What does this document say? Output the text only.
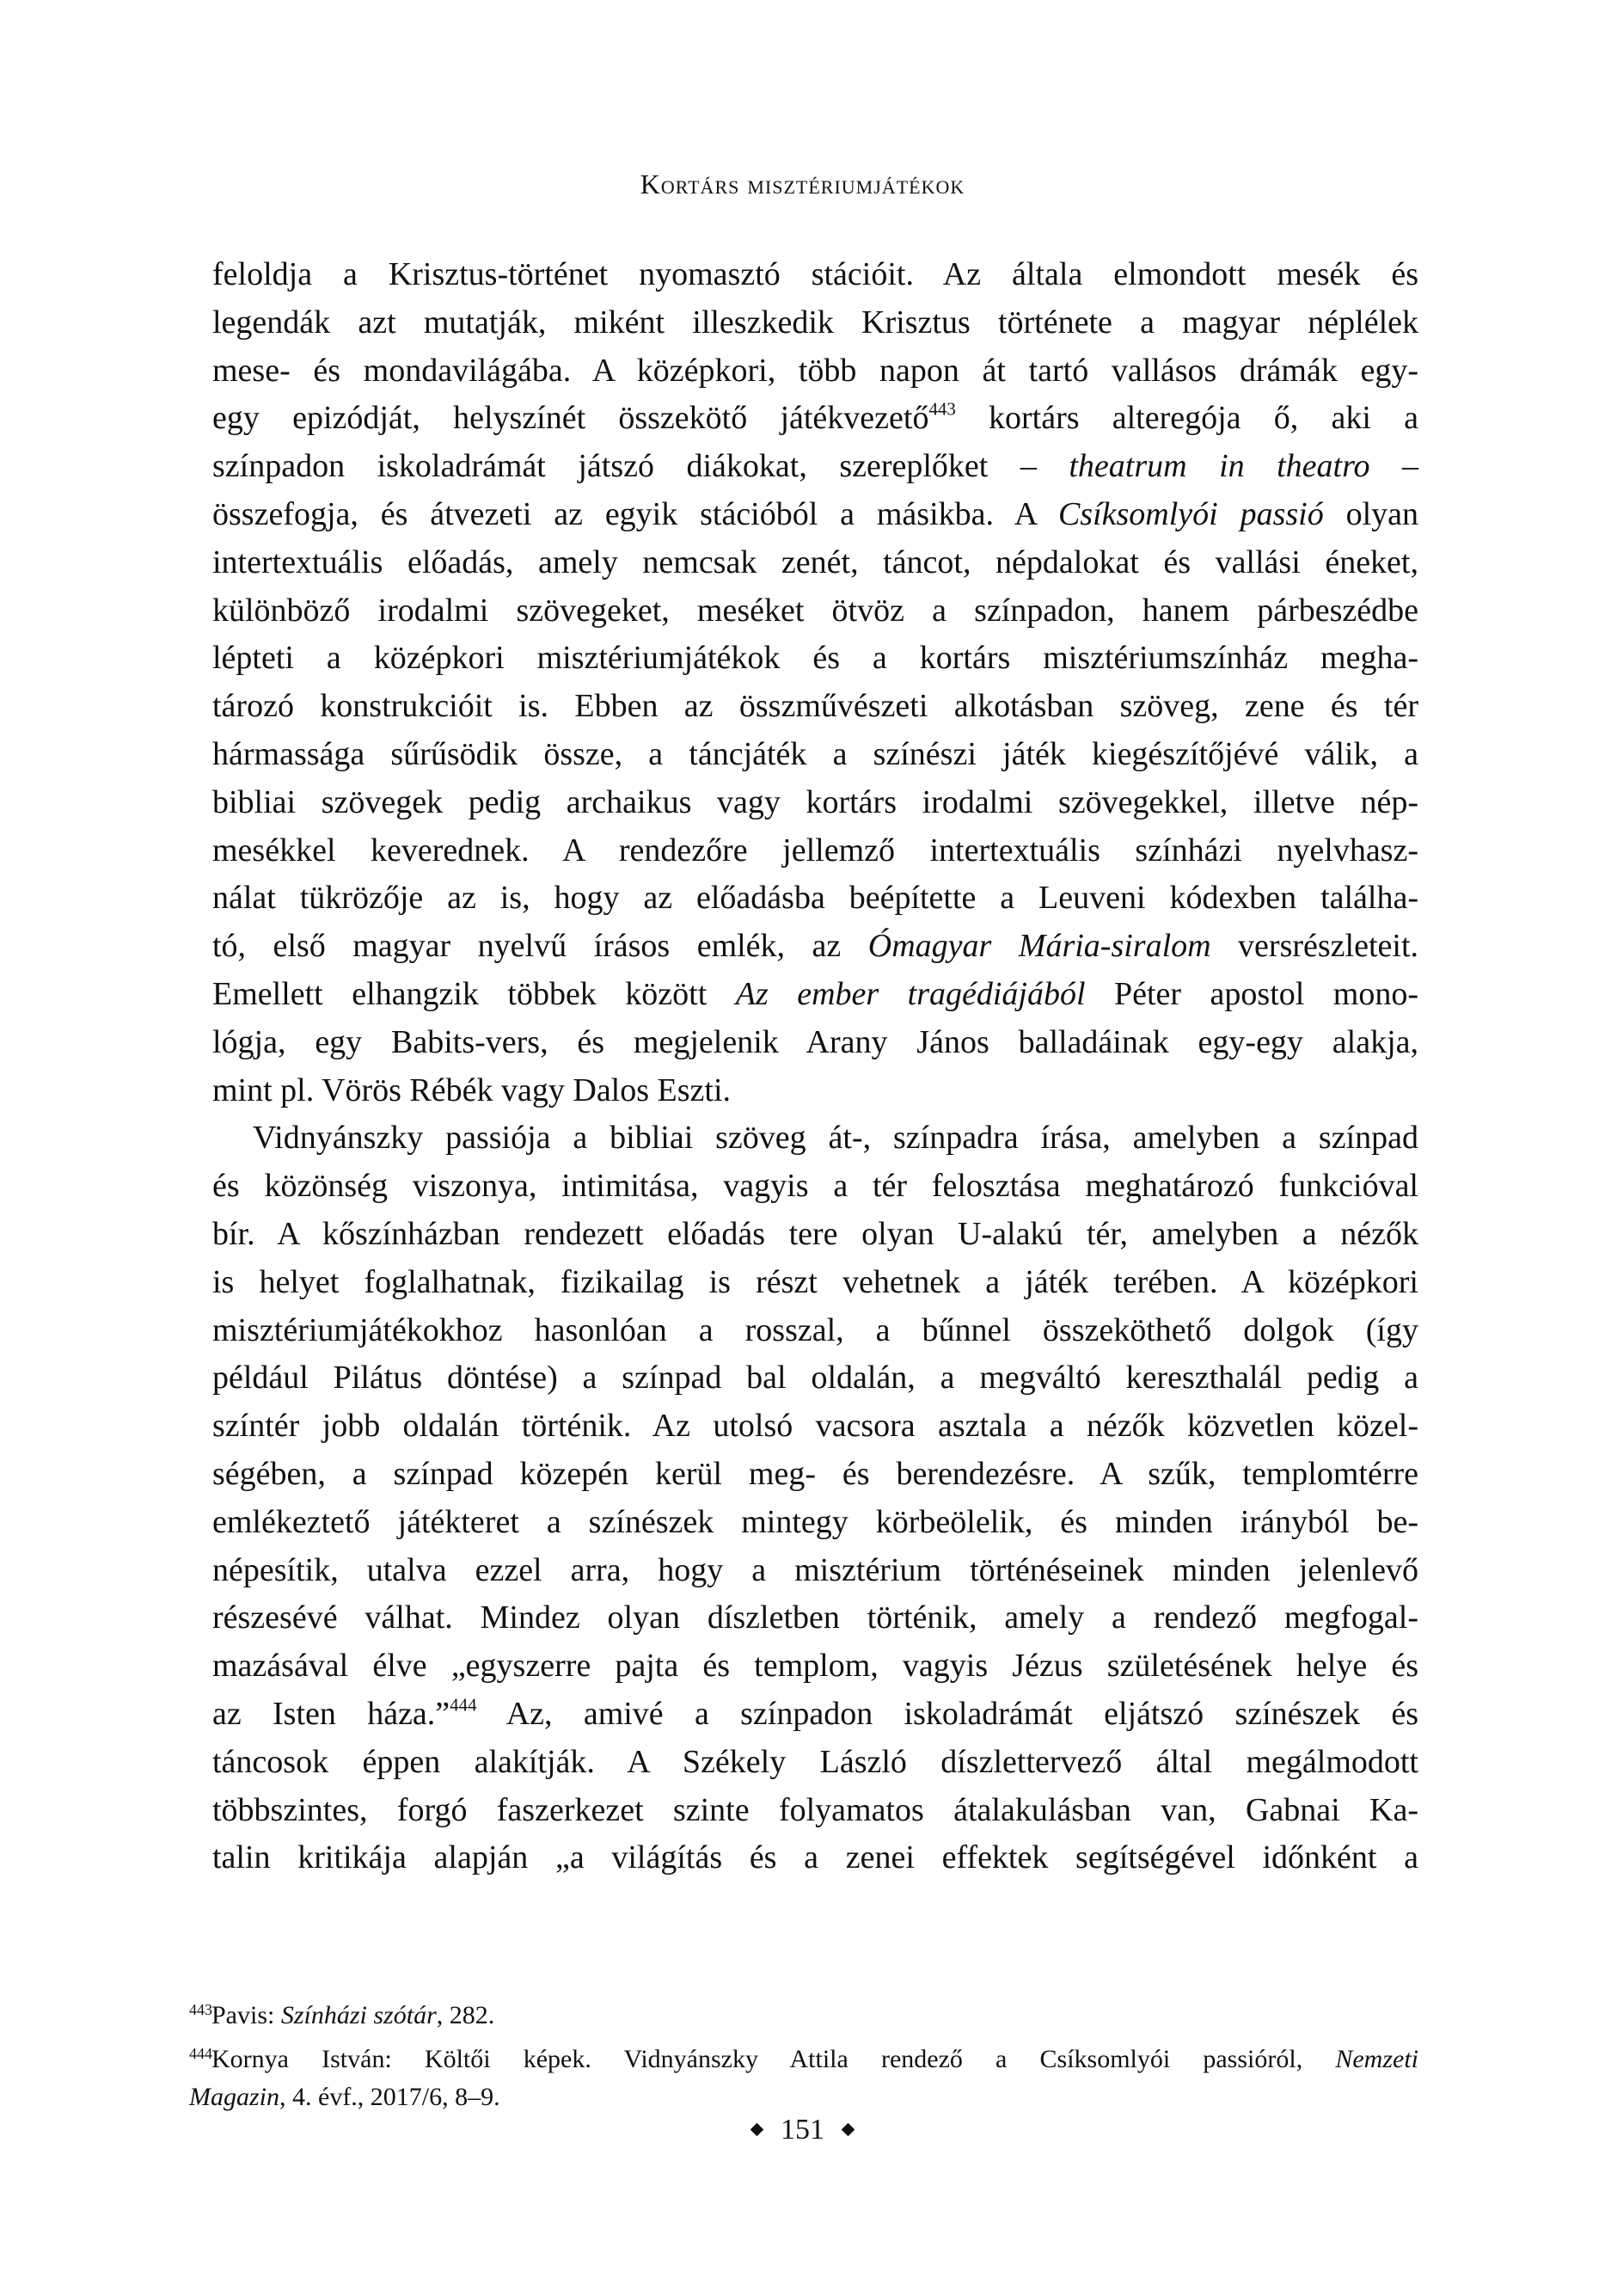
Kortárs misztériumjátékok
feloldja a Krisztus-történet nyomasztó stációit. Az általa elmondott mesék és
legendák azt mutatják, miként illeszkedik Krisztus története a magyar néplélek
mese- és mondavilágába. A középkori, több napon át tartó vallásos drámák egy-
egy epizódját, helyszínét összekötő játékvezető$^{443}$ kortárs alteregója ő, aki a
színpadon iskoladrámát játszó diákokat, szereplőket – theatrum in theatro –
összefogja, és átvezeti az egyik stációból a másikba. A Csíksomlyói passió olyan
intertextuális előadás, amely nemcsak zenét, táncot, népdalokat és vallási éneket,
különböző irodalmi szövegeket, meséket ötvöz a színpadon, hanem párbeszédbe
lépteti a középkori misztériumjátékok és a kortárs misztériumszínház megha-
tározó konstrukcióit is. Ebben az összművészeti alkotásban szöveg, zene és tér
hármassága sűrűsödik össze, a táncjáték a színészi játék kiegészítőjévé válik, a
bibliai szövegek pedig archaikus vagy kortárs irodalmi szövegekkel, illetve nép-
mesékkel keverednek. A rendezőre jellemző intertextuális színházi nyelvhasz-
nálat tükrözője az is, hogy az előadásba beépítette a Leuveni kódexben találha-
tó, első magyar nyelvű írásos emlék, az Ómagyar Mária-siralom versrészleteit.
Emellett elhangzik többek között Az ember tragédiájából Péter apostol mono-
lógja, egy Babits-vers, és megjelenik Arany János balladáinak egy-egy alakja,
mint pl. Vörös Rébék vagy Dalos Eszti.
Vidnyánszky passiója a bibliai szöveg át-, színpadra írása, amelyben a színpad
és közönség viszonya, intimitása, vagyis a tér felosztása meghatározó funkcióval
bír. A kőszínházban rendezett előadás tere olyan U-alakú tér, amelyben a nézők
is helyet foglalhatnak, fizikailag is részt vehetnek a játék terében. A középkori
misztériumjátékokhoz hasonlóan a rosszal, a bűnnel összeköthető dolgok (így
például Pilátus döntése) a színpad bal oldalán, a megváltó kereszthalál pedig a
színtér jobb oldalán történik. Az utolsó vacsora asztala a nézők közvetlen közel-
ségében, a színpad közepén kerül meg- és berendezésre. A szűk, templomtérre
emlékeztető játékteret a színészek mintegy körbeölelik, és minden irányból be-
népesítik, utalva ezzel arra, hogy a misztérium történéseinek minden jelenlevő
részesévé válhat. Mindez olyan díszletben történik, amely a rendező megfogal-
mazásával élve „egyszerre pajta és templom, vagyis Jézus születésének helye és
az Isten háza.”$^{444}$ Az, amivé a színpadon iskoladrámát eljátszó színészek és
táncosok éppen alakítják. A Székely László díszlettervező által megálmodott
többszintes, forgó faszerkezet szinte folyamatos átalakulásban van, Gabnai Ka-
talin kritikája alapján „a világítás és a zenei effektek segítségével időnként a
443Pavis: Színházi szótár, 282.
444Kornya István: Költői képek. Vidnyánszky Attila rendező a Csíksomlyói passióról, Nemzeti
Magazin, 4. évf., 2017/6, 8–9.
151
